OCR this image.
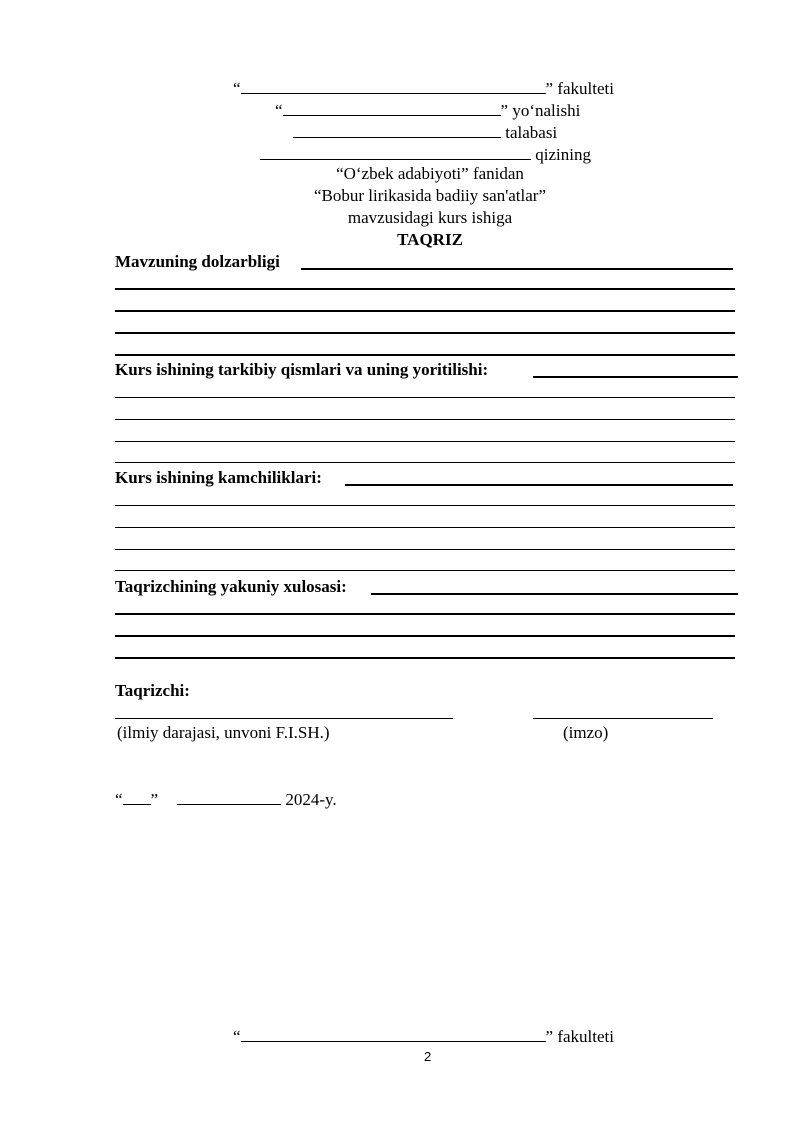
“	” fakulteti
“	” yo‘nalishi
talabasi
qizining
“O‘zbek adabiyoti” fanidan
“Bobur lirikasida badiiy san'atlar”
mavzusidagi kurs ishiga
TAQRIZ
Mavzuning dolzarbligi
Kurs ishining tarkibiy qismlari va uning yoritilishi:
Kurs ishining kamchiliklari:
Taqrizchining yakuniy xulosasi:
Taqrizchi:
(ilmiy darajasi, unvoni F.I.SH.)	(imzo)
“ ”	2024-y.
“	” fakulteti
2
